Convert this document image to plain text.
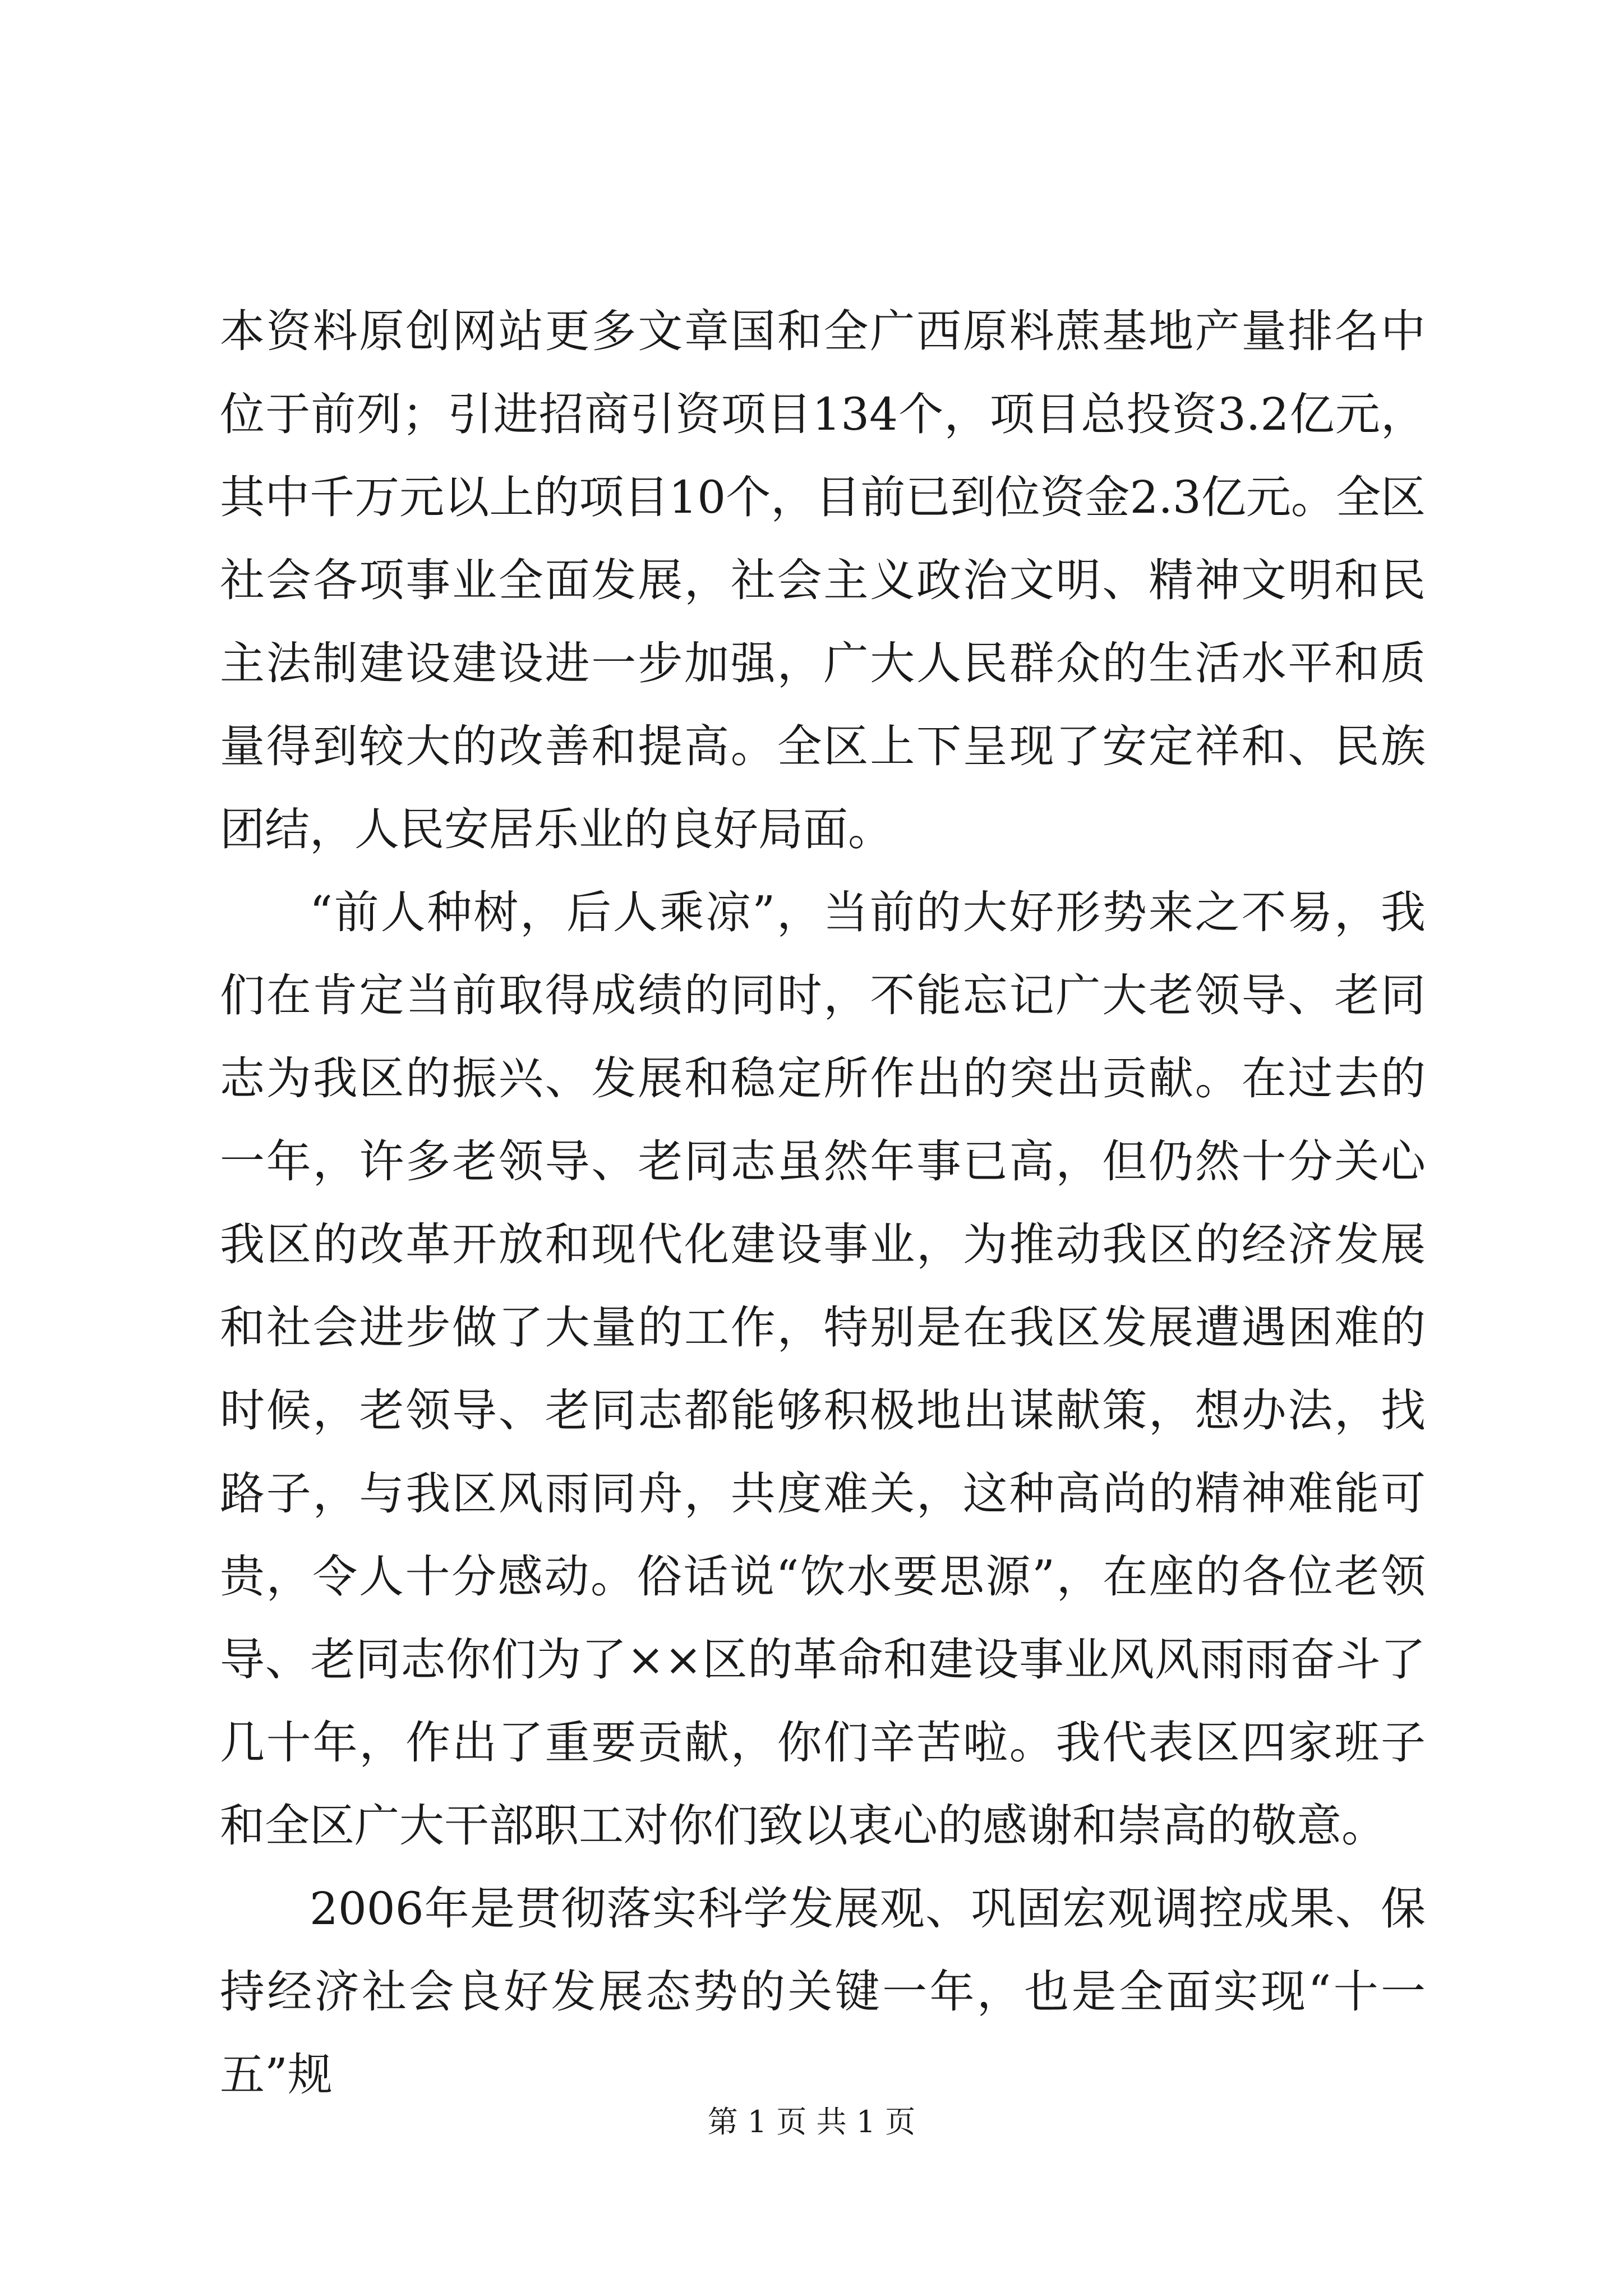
本资料原创网站更多文章国和全广西原料蔗基地产量排名中位于前列；引进招商引资项目134个，项目总投资3.2亿元，其中千万元以上的项目10个，目前已到位资金2.3亿元。全区社会各项事业全面发展，社会主义政治文明、精神文明和民主法制建设建设进一步加强，广大人民群众的生活水平和质量得到较大的改善和提高。全区上下呈现了安定祥和、民族团结，人民安居乐业的良好局面。

“前人种树，后人乘凉”，当前的大好形势来之不易，我们在肯定当前取得成绩的同时，不能忘记广大老领导、老同志为我区的振兴、发展和稳定所作出的突出贡献。在过去的一年，许多老领导、老同志虽然年事已高，但仍然十分关心我区的改革开放和现代化建设事业，为推动我区的经济发展和社会进步做了大量的工作，特别是在我区发展遭遇困难的时候，老领导、老同志都能够积极地出谋献策，想办法，找路子，与我区风雨同舟，共度难关，这种高尚的精神难能可贵，令人十分感动。俗话说“饮水要思源”，在座的各位老领导、老同志你们为了××区的革命和建设事业风风雨雨奋斗了几十年，作出了重要贡献，你们辛苦啦。我代表区四家班子和全区广大干部职工对你们致以衷心的感谢和崇高的敬意。

2006年是贯彻落实科学发展观、巩固宏观调控成果、保持经济社会良好发展态势的关键一年，也是全面实现“十一五”规

第 1 页 共 1 页
